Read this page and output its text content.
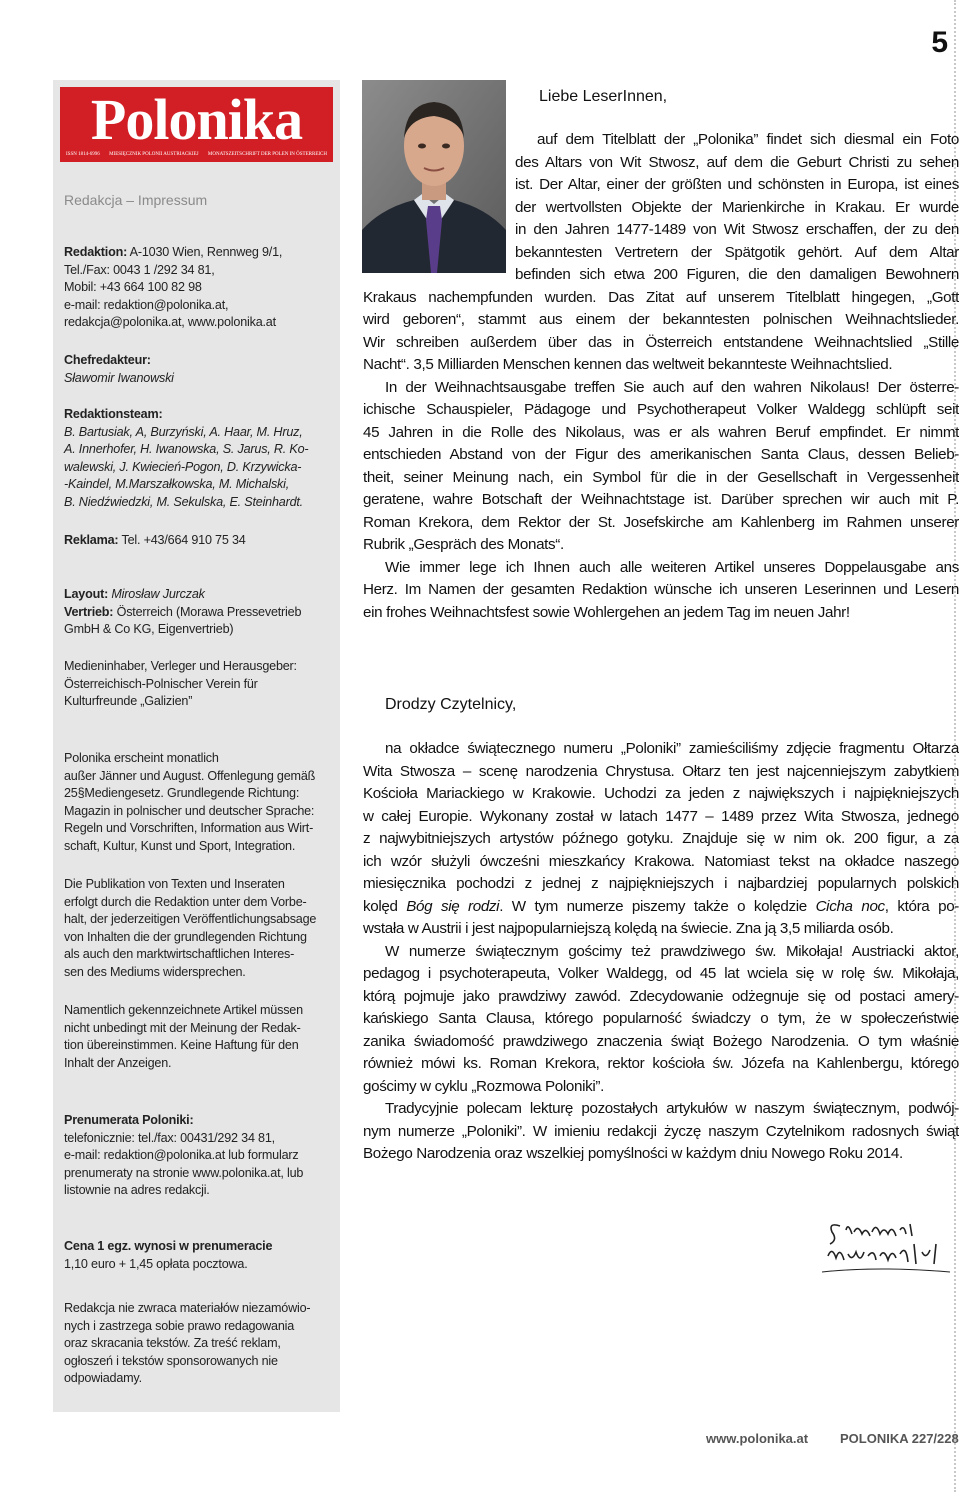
5
Polonika
ISSN 1814-6996 MIESIĘCZNIK POLONII AUSTRIACKIEJ MONATSZEITSCHRIFT DER POLEN IN ÖSTERREICH
Redakcja – Impressum
Redaktion: A-1030 Wien, Rennweg 9/1,
Tel./Fax: 0043 1 /292 34 81,
Mobil: +43 664 100 82 98
e-mail: redaktion@polonika.at,
redakcja@polonika.at, www.polonika.at
Chefredakteur:
Sławomir Iwanowski
Redaktionsteam:
B. Bartusiak, A, Burzyński, A. Haar, M. Hruz,
A. Innerhofer, H. Iwanowska, S. Jarus, R. Ko-
walewski, J. Kwiecień-Pogon, D. Krzywicka-
-Kaindel, M.Marszałkowska, M. Michalski,
B. Niedźwiedzki, M. Sekulska, E. Steinhardt.
Reklama: Tel. +43/664 910 75 34
Layout: Mirosław Jurczak
Vertrieb: Österreich (Morawa Pressevetrieb
GmbH & Co KG, Eigenvertrieb)
Medieninhaber, Verleger und Herausgeber:
Österreichisch-Polnischer Verein für
Kulturfreunde „Galizien”
Polonika erscheint monatlich
außer Jänner und August. Offenlegung gemäß
25§Mediengesetz. Grundlegende Richtung:
Magazin in polnischer und deutscher Sprache:
Regeln und Vorschriften, Information aus Wirt-
schaft, Kultur, Kunst und Sport, Integration.
Die Publikation von Texten und Inseraten
erfolgt durch die Redaktion unter dem Vorbe-
halt, der jederzeitigen Veröffentlichungsabsage
von Inhalten die der grundlegenden Richtung
als auch den marktwirtschaftlichen Interes-
sen des Mediums widersprechen.
Namentlich gekennzeichnete Artikel müssen
nicht unbedingt mit der Meinung der Redak-
tion übereinstimmen. Keine Haftung für den
Inhalt der Anzeigen.
Prenumerata Poloniki:
telefonicznie: tel./fax: 00431/292 34 81,
e-mail: redaktion@polonika.at lub formularz
prenumeraty na stronie www.polonika.at, lub
listownie na adres redakcji.
Cena 1 egz. wynosi w prenumeracie
1,10 euro + 1,45 opłata pocztowa.
Redakcja nie zwraca materiałów niezamówio-
nych i zastrzega sobie prawo redagowania
oraz skracania tekstów. Za treść reklam,
ogłoszeń i tekstów sponsorowanych nie
odpowiadamy.
Liebe LeserInnen,
auf dem Titelblatt der „Polonika” findet sich diesmal ein Foto
des Altars von Wit Stwosz, auf dem die Geburt Christi zu sehen
ist. Der Altar, einer der größten und schönsten in Europa, ist eines
der wertvollsten Objekte der Marienkirche in Krakau. Er wurde
in den Jahren 1477-1489 von Wit Stwosz erschaffen, der zu den
bekanntesten Vertretern der Spätgotik gehört. Auf dem Altar
befinden sich etwa 200 Figuren, die den damaligen Bewohnern
Krakaus nachempfunden wurden. Das Zitat auf unserem Titelblatt hingegen, „Gott
wird geboren“, stammt aus einem der bekanntesten polnischen Weihnachtslieder.
Wir schreiben außerdem über das in Österreich entstandene Weihnachtslied „Stille
Nacht“. 3,5 Milliarden Menschen kennen das weltweit bekannteste Weihnachtslied.
In der Weihnachtsausgabe treffen Sie auch auf den wahren Nikolaus! Der österre-
ichische Schauspieler, Pädagoge und Psychotherapeut Volker Waldegg schlüpft seit
45 Jahren in die Rolle des Nikolaus, was er als wahren Beruf empfindet. Er nimmt
entschieden Abstand von der Figur des amerikanischen Santa Claus, dessen Belieb-
theit, seiner Meinung nach, ein Symbol für die in der Gesellschaft in Vergessenheit
geratene, wahre Botschaft der Weihnachtstage ist. Darüber sprechen wir auch mit P.
Roman Krekora, dem Rektor der St. Josefskirche am Kahlenberg im Rahmen unserer
Rubrik „Gespräch des Monats“.
Wie immer lege ich Ihnen auch alle weiteren Artikel unseres Doppelausgabe ans
Herz. Im Namen der gesamten Redaktion wünsche ich unseren Leserinnen und Lesern
ein frohes Weihnachtsfest sowie Wohlergehen an jedem Tag im neuen Jahr!
Drodzy Czytelnicy,
na okładce świątecznego numeru „Poloniki” zamieściliśmy zdjęcie fragmentu Ołtarza
Wita Stwosza – scenę narodzenia Chrystusa. Ołtarz ten jest najcenniejszym zabytkiem
Kościoła Mariackiego w Krakowie. Uchodzi za jeden z największych i najpiękniejszych
w całej Europie. Wykonany został w latach 1477 – 1489 przez Wita Stwosza, jednego
z najwybitniejszych artystów późnego gotyku. Znajduje się w nim ok. 200 figur, a za
ich wzór służyli ówcześni mieszkańcy Krakowa. Natomiast tekst na okładce naszego
miesięcznika pochodzi z jednej z najpiękniejszych i najbardziej popularnych polskich
kolęd Bóg się rodzi. W tym numerze piszemy także o kolędzie Cicha noc, która po-
wstała w Austrii i jest najpopularniejszą kolędą na świecie. Zna ją 3,5 miliarda osób.
W numerze świątecznym gościmy też prawdziwego św. Mikołaja! Austriacki aktor,
pedagog i psychoterapeuta, Volker Waldegg, od 45 lat wciela się w rolę św. Mikołaja,
którą pojmuje jako prawdziwy zawód. Zdecydowanie odżegnuje się od postaci amery-
kańskiego Santa Clausa, którego popularność świadczy o tym, że w społeczeństwie
zanika świadomość prawdziwego znaczenia świąt Bożego Narodzenia. O tym właśnie
również mówi ks. Roman Krekora, rektor kościoła św. Józefa na Kahlenbergu, którego
gościmy w cyklu „Rozmowa Poloniki”.
Tradycyjnie polecam lekturę pozostałych artykułów w naszym świątecznym, podwój-
nym numerze „Poloniki”. W imieniu redakcji życzę naszym Czytelnikom radosnych świąt
Bożego Narodzenia oraz wszelkiej pomyślności w każdym dniu Nowego Roku 2014.
www.polonika.at POLONIKA 227/228
